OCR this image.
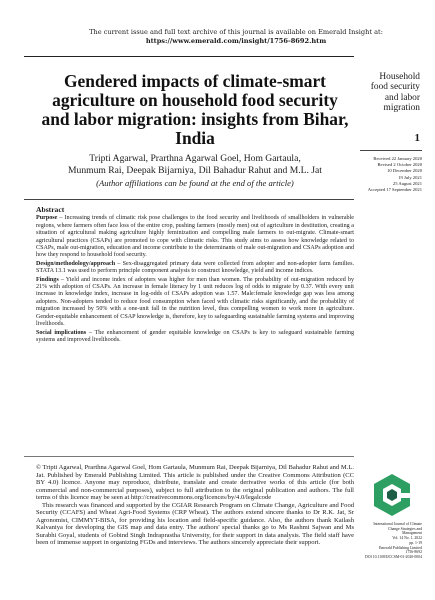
The current issue and full text archive of this journal is available on Emerald Insight at:
https://www.emerald.com/insight/1756-8692.htm
Gendered impacts of climate-smart agriculture on household food security and labor migration: insights from Bihar, India
Tripti Agarwal, Prarthna Agarwal Goel, Hom Gartaula,
Munmum Rai, Deepak Bijarniya, Dil Bahadur Rahut and M.L. Jat
(Author affiliations can be found at the end of the article)
Household food security and labor migration
1
Received 22 January 2020
Revised 2 October 2020
10 December 2020
19 July 2021
25 August 2021
Accepted 17 September 2021
Abstract

Purpose – Increasing trends of climatic risk pose challenges to the food security and livelihoods of smallholders in vulnerable regions, where farmers often face loss of the entire crop, pushing farmers (mostly men) out of agriculture in destitution, creating a situation of agricultural making agriculture highly feminization and compelling male farmers to out-migrate. Climate-smart agricultural practices (CSAPs) are promoted to cope with climatic risks. This study aims to assess how knowledge related to CSAPs, male out-migration, education and income contribute to the determinants of male out-migration and CSAPs adoption and how they respond to household food security.

Design/methodology/approach – Sex-disaggregated primary data were collected from adopter and non-adopter farm families. STATA 13.1 was used to perform principle component analysis to construct knowledge, yield and income indices.

Findings – Yield and income index of adopters was higher for men than women. The probability of out-migration reduced by 21% with adoption of CSAPs. An increase in female literacy by 1 unit reduces log of odds to migrate by 0.37. With every unit increase in knowledge index, increase in log-odds of CSAPs adoption was 1.57. Male:female knowledge gap was less among adopters. Non-adopters tended to reduce food consumption when faced with climatic risks significantly, and the probability of migration increased by 50% with a one-unit fall in the nutrition level, thus compelling women to work more in agriculture. Gender-equitable enhancement of CSAP knowledge is, therefore, key to safeguarding sustainable farming systems and improving livelihoods.

Social implications – The enhancement of gender equitable knowledge on CSAPs is key to safeguard sustainable farming systems and improved livelihoods.

© Tripti Agarwal, Prarthna Agarwal Goel, Hom Gartaula, Munmum Rai, Deepak Bijarniya, Dil Bahadur Rahut and M.L. Jat. Published by Emerald Publishing Limited. This article is published under the Creative Commons Attribution (CC BY 4.0) licence. Anyone may reproduce, distribute, translate and create derivative works of this article (for both commercial and non-commercial purposes), subject to full attribution to the original publication and authors. The full terms of this licence may be seen at http://creativecommons.org/licences/by/4.0/legalcode

This research was financed and supported by the CGIAR Research Program on Climate Change, Agriculture and Food Security (CCAFS) and Wheat Agri-Food Systems (CRP Wheat). The authors extend sincere thanks to Dr R.K. Jat, Sr Agronomist, CIMMYT-BISA, for providing his location and field-specific guidance. Also, the authors thank Kailash Kalvaniya for developing the GIS map and data entry. The authors' special thanks go to Ms Rashmi Sajwan and Ms Surabhi Goyal, students of Gobind Singh Indraprastha University, for their support in data analysis. The field staff have been of immense support in organizing FGDs and interviews. The authors sincerely appreciate their support.

International Journal of Climate
Change Strategies and
Management
Vol. 14 No. 1, 2022
pp. 1-19
Emerald Publishing Limited
1756-8692
DOI 10.1108/IJCCSM-01-2020-0004
